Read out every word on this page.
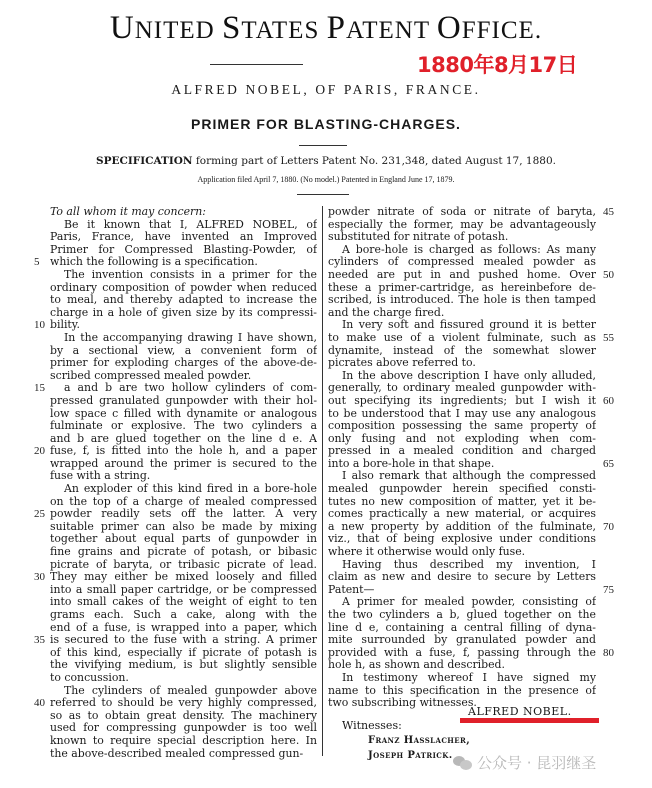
UNITED STATES PATENT OFFICE.
1880年8月17日
ALFRED NOBEL, OF PARIS, FRANCE.
PRIMER FOR BLASTING-CHARGES.
SPECIFICATION forming part of Letters Patent No. 231,348, dated August 17, 1880.
Application filed April 7, 1880. (No model.) Patented in England June 17, 1879.
To all whom it may concern:
Be it known that I, ALFRED NOBEL, of
Paris, France, have invented an Improved
Primer for Compressed Blasting-Powder, of
which the following is a specification.
The invention consists in a primer for the
ordinary composition of powder when reduced
to meal, and thereby adapted to increase the
charge in a hole of given size by its compressi-
bility.
In the accompanying drawing I have shown,
by a sectional view, a convenient form of
primer for exploding charges of the above-de-
scribed compressed mealed powder.
a and b are two hollow cylinders of com-
pressed granulated gunpowder with their hol-
low space c filled with dynamite or analogous
fulminate or explosive. The two cylinders a
and b are glued together on the line d e. A
fuse, f, is fitted into the hole h, and a paper
wrapped around the primer is secured to the
fuse with a string.
An exploder of this kind fired in a bore-hole
on the top of a charge of mealed compressed
powder readily sets off the latter. A very
suitable primer can also be made by mixing
together about equal parts of gunpowder in
fine grains and picrate of potash, or bibasic
picrate of baryta, or tribasic picrate of lead.
They may either be mixed loosely and filled
into a small paper cartridge, or be compressed
into small cakes of the weight of eight to ten
grams each. Such a cake, along with the
end of a fuse, is wrapped into a paper, which
is secured to the fuse with a string. A primer
of this kind, especially if picrate of potash is
the vivifying medium, is but slightly sensible
to concussion.
The cylinders of mealed gunpowder above
referred to should be very highly compressed,
so as to obtain great density. The machinery
used for compressing gunpowder is too well
known to require special description here. In
the above-described mealed compressed gun-
powder nitrate of soda or nitrate of baryta,
especially the former, may be advantageously
substituted for nitrate of potash.
A bore-hole is charged as follows: As many
cylinders of compressed mealed powder as
needed are put in and pushed home. Over
these a primer-cartridge, as hereinbefore de-
scribed, is introduced. The hole is then tamped
and the charge fired.
In very soft and fissured ground it is better
to make use of a violent fulminate, such as
dynamite, instead of the somewhat slower
picrates above referred to.
In the above description I have only alluded,
generally, to ordinary mealed gunpowder with-
out specifying its ingredients; but I wish it
to be understood that I may use any analogous
composition possessing the same property of
only fusing and not exploding when com-
pressed in a mealed condition and charged
into a bore-hole in that shape.
I also remark that although the compressed
mealed gunpowder herein specified consti-
tutes no new composition of matter, yet it be-
comes practically a new material, or acquires
a new property by addition of the fulminate,
viz., that of being explosive under conditions
where it otherwise would only fuse.
Having thus described my invention, I
claim as new and desire to secure by Letters
Patent—
A primer for mealed powder, consisting of
the two cylinders a b, glued together on the
line d e, containing a central filling of dyna-
mite surrounded by granulated powder and
provided with a fuse, f, passing through the
hole h, as shown and described.
In testimony whereof I have signed my
name to this specification in the presence of
two subscribing witnesses.
5
10
15
20
25
30
35
40
45
50
55
60
65
70
75
80
ALFRED NOBEL.
Witnesses:
Franz Hasslacher,
Joseph Patrick. 公众号 · 昆羽继圣
